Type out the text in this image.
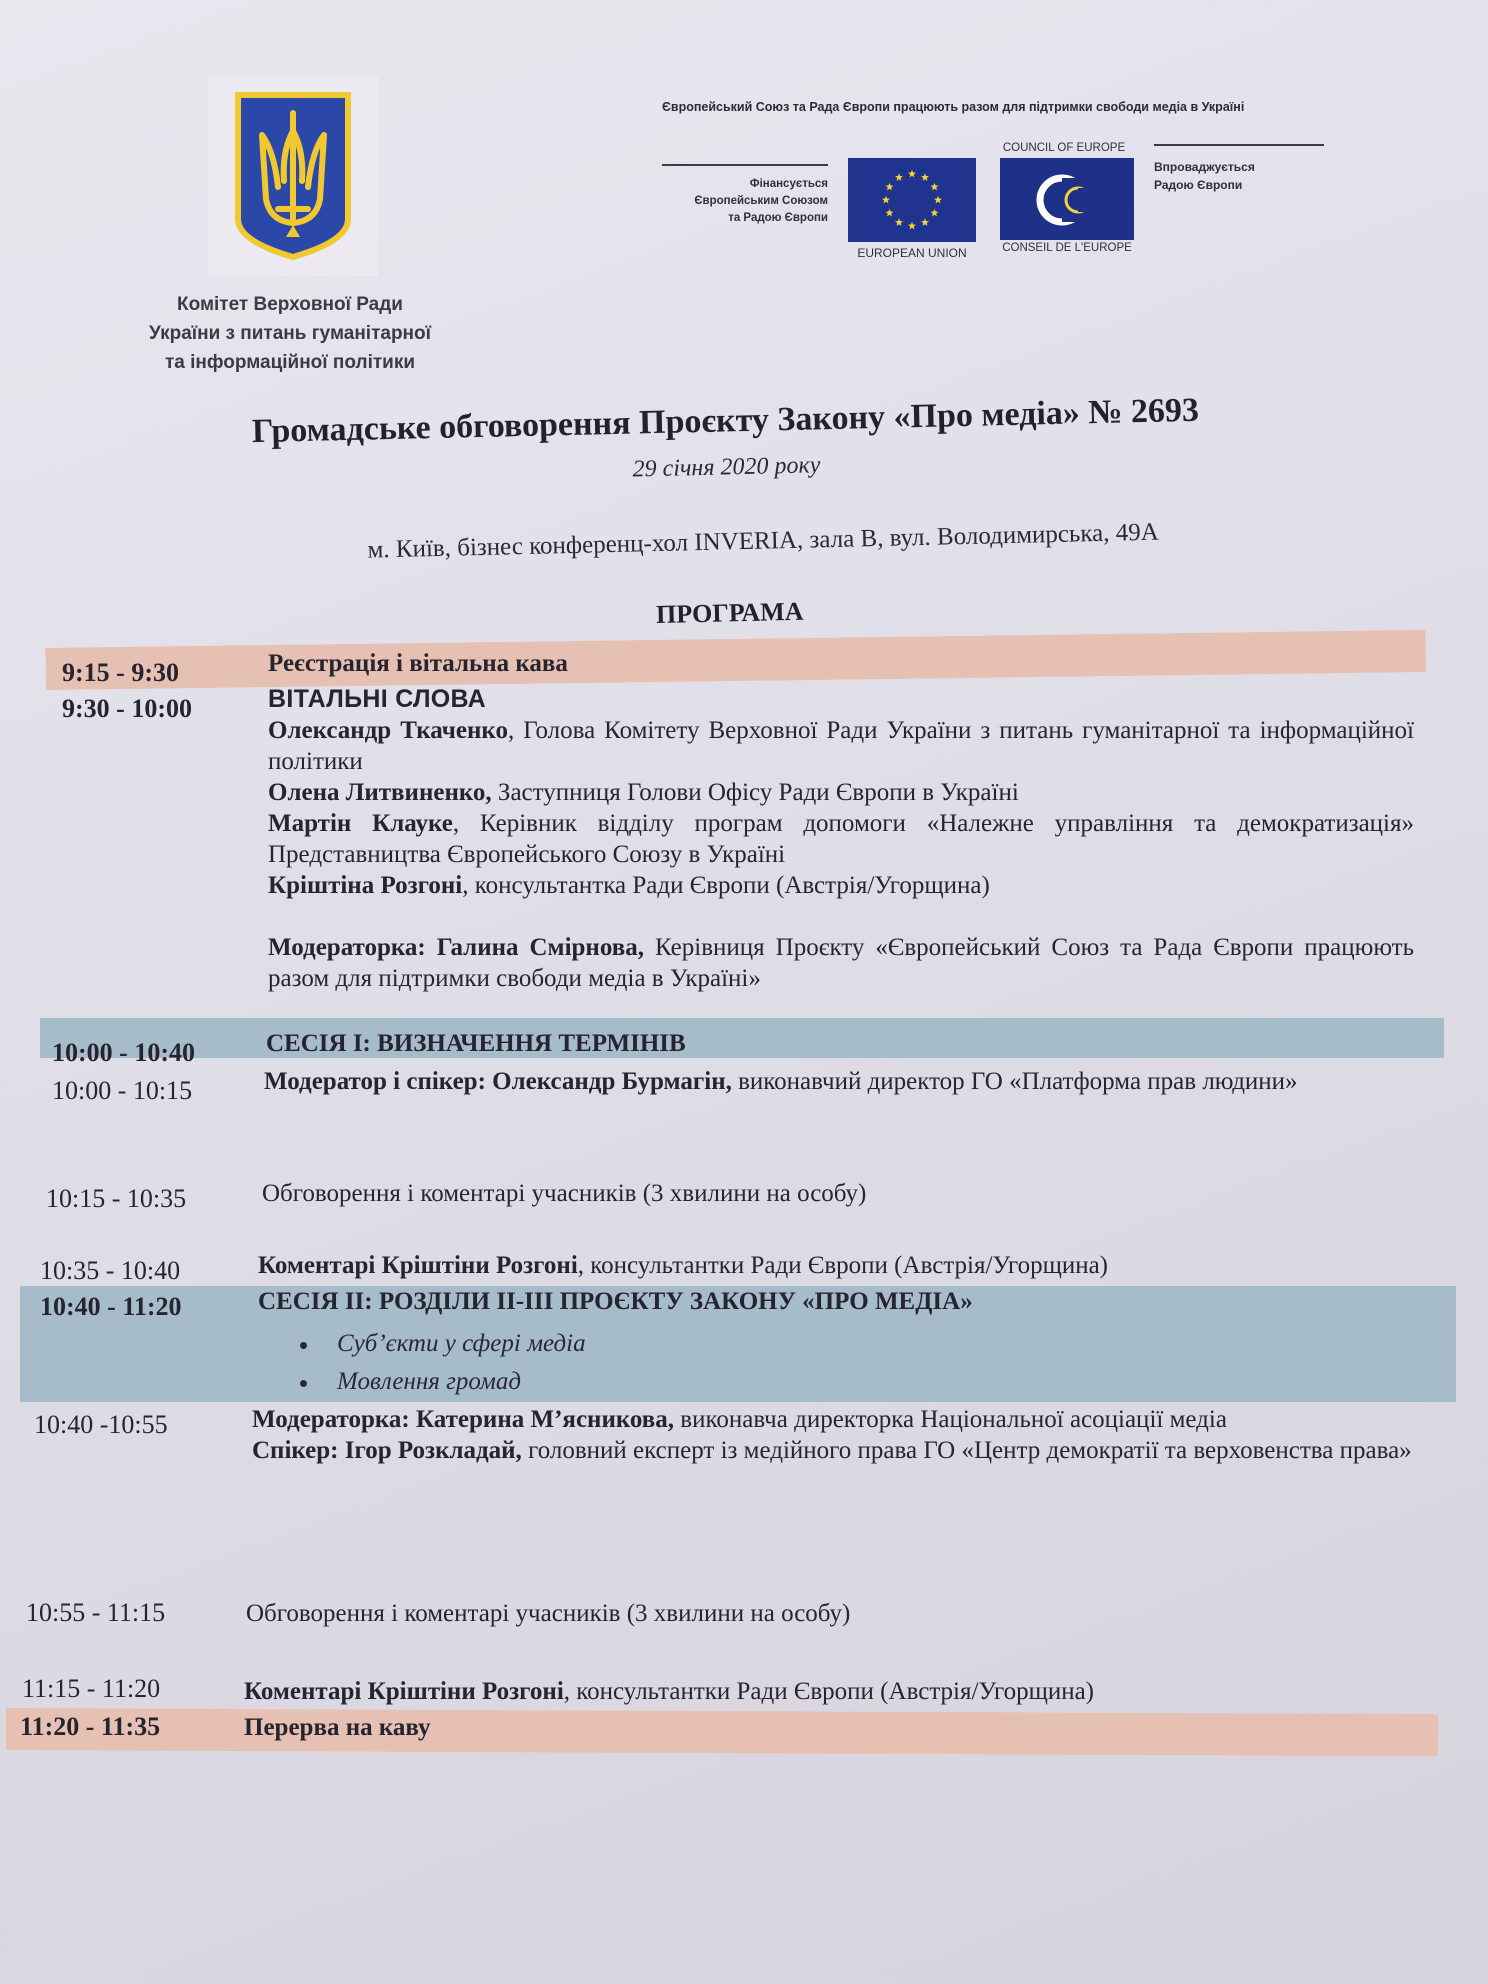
Комітет Верховної Ради
України з питань гуманітарної
та інформаційної політики
Європейський Союз та Рада Європи працюють разом для підтримки свободи медіа в Україні
Фінансується
Європейським Союзом
та Радою Європи
EUROPEAN UNION
COUNCIL OF EUROPE
CONSEIL DE L'EUROPE
Впроваджується
Радою Європи
Громадське обговорення Проєкту Закону «Про медіа» № 2693
29 січня 2020 року
м. Київ, бізнес конференц-хол INVERIA, зала B, вул. Володимирська, 49А
ПРОГРАМА
9:15 - 9:30	Реєстрація і вітальна кава
9:30 - 10:00	ВІТАЛЬНІ СЛОВА
Олександр Ткаченко, Голова Комітету Верховної Ради України з питань гуманітарної та інформаційної політики
Олена Литвиненко, Заступниця Голови Офісу Ради Європи в Україні
Мартін Клауке, Керівник відділу програм допомоги «Належне управління та демократизація» Представництва Європейського Союзу в Україні
Кріштіна Розгоні, консультантка Ради Європи (Австрія/Угорщина)
Модераторка: Галина Смірнова, Керівниця Проєкту «Європейський Союз та Рада Європи працюють разом для підтримки свободи медіа в Україні»
10:00 - 10:40	СЕСІЯ І: ВИЗНАЧЕННЯ ТЕРМІНІВ
10:00 - 10:15	Модератор і спікер: Олександр Бурмагін, виконавчий директор ГО «Платформа прав людини»
10:15 - 10:35	Обговорення і коментарі учасників (3 хвилини на особу)
10:35 - 10:40	Коментарі Кріштіни Розгоні, консультантки Ради Європи (Австрія/Угорщина)
10:40 - 11:20	СЕСІЯ ІІ: РОЗДІЛИ ІІ-ІІІ ПРОЄКТУ ЗАКОНУ «ПРО МЕДІА»
Суб’єкти у сфері медіа
Мовлення громад
10:40 -10:55	Модераторка: Катерина М’ясникова, виконавча директорка Національної асоціації медіа
Спікер: Ігор Розкладай, головний експерт із медійного права ГО «Центр демократії та верховенства права»
10:55 - 11:15	Обговорення і коментарі учасників (3 хвилини на особу)
11:15 - 11:20	Коментарі Кріштіни Розгоні, консультантки Ради Європи (Австрія/Угорщина)
11:20 - 11:35	Перерва на каву
